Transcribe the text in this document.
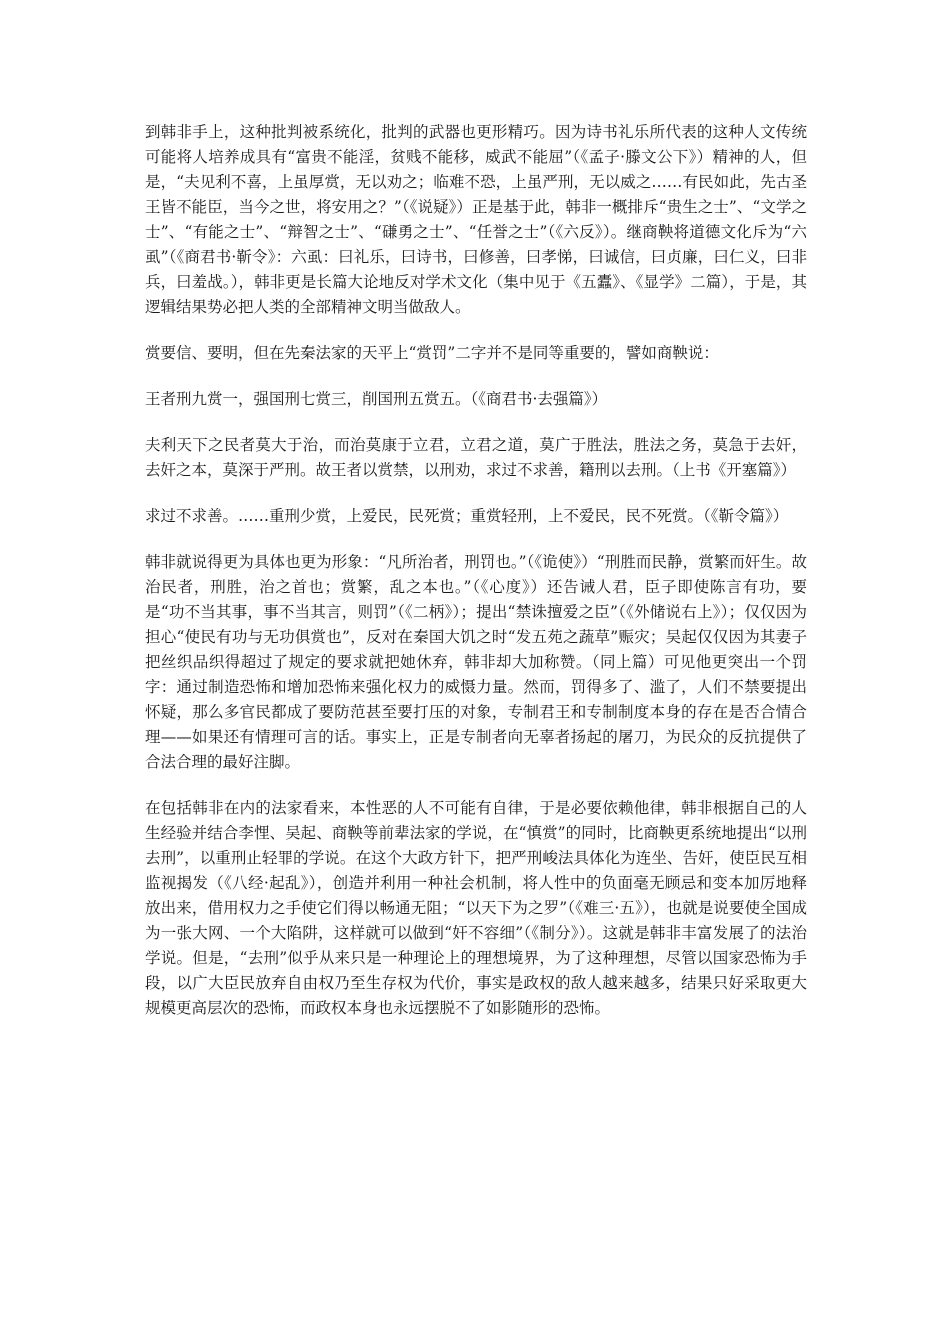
到韩非手上，这种批判被系统化，批判的武器也更形精巧。因为诗书礼乐所代表的这种人文传统可能将人培养成具有“富贵不能淫，贫贱不能移，威武不能屈”（《孟子·滕文公下》）精神的人，但是，“夫见利不喜，上虽厚赏，无以劝之；临难不恐，上虽严刑，无以威之……有民如此，先古圣王皆不能臣，当今之世，将安用之？”（《说疑》）正是基于此，韩非一概排斥“贵生之士”、“文学之士”、“有能之士”、“辩智之士”、“磏勇之士”、“任誉之士”（《六反》）。继商鞅将道德文化斥为“六虱”（《商君书·靳令》：六虱：曰礼乐，曰诗书，曰修善，曰孝悌，曰诚信，曰贞廉，曰仁义，曰非兵，曰羞战。），韩非更是长篇大论地反对学术文化（集中见于《五蠹》、《显学》二篇），于是，其逻辑结果势必把人类的全部精神文明当做敌人。

赏要信、要明，但在先秦法家的天平上“赏罚”二字并不是同等重要的，譬如商鞅说：

王者刑九赏一，强国刑七赏三，削国刑五赏五。（《商君书·去强篇》）

夫利天下之民者莫大于治，而治莫康于立君，立君之道，莫广于胜法，胜法之务，莫急于去奸，去奸之本，莫深于严刑。故王者以赏禁，以刑劝，求过不求善，籍刑以去刑。（上书《开塞篇》）

求过不求善。……重刑少赏，上爱民，民死赏；重赏轻刑，上不爱民，民不死赏。（《靳令篇》）

韩非就说得更为具体也更为形象：“凡所治者，刑罚也。”（《诡使》）“刑胜而民静，赏繁而奸生。故治民者，刑胜，治之首也；赏繁，乱之本也。”（《心度》）还告诫人君，臣子即使陈言有功，要是“功不当其事，事不当其言，则罚”（《二柄》）；提出“禁诛擅爱之臣”（《外储说右上》）；仅仅因为担心“使民有功与无功俱赏也”，反对在秦国大饥之时“发五苑之蔬草”赈灾；吴起仅仅因为其妻子把丝织品织得超过了规定的要求就把她休弃，韩非却大加称赞。（同上篇）可见他更突出一个罚字：通过制造恐怖和增加恐怖来强化权力的威慑力量。然而，罚得多了、滥了，人们不禁要提出怀疑，那么多官民都成了要防范甚至要打压的对象，专制君王和专制制度本身的存在是否合情合理——如果还有情理可言的话。事实上，正是专制者向无辜者扬起的屠刀，为民众的反抗提供了合法合理的最好注脚。

在包括韩非在内的法家看来，本性恶的人不可能有自律，于是必要依赖他律，韩非根据自己的人生经验并结合李悝、吴起、商鞅等前辈法家的学说，在“慎赏”的同时，比商鞅更系统地提出“以刑去刑”，以重刑止轻罪的学说。在这个大政方针下，把严刑峻法具体化为连坐、告奸，使臣民互相监视揭发（《八经·起乱》），创造并利用一种社会机制，将人性中的负面毫无顾忌和变本加厉地释放出来，借用权力之手使它们得以畅通无阻；“以天下为之罗”（《难三·五》），也就是说要使全国成为一张大网、一个大陷阱，这样就可以做到“奸不容细”（《制分》）。这就是韩非丰富发展了的法治学说。但是，“去刑”似乎从来只是一种理论上的理想境界，为了这种理想，尽管以国家恐怖为手段，以广大臣民放弃自由权乃至生存权为代价，事实是政权的敌人越来越多，结果只好采取更大规模更高层次的恐怖，而政权本身也永远摆脱不了如影随形的恐怖。
